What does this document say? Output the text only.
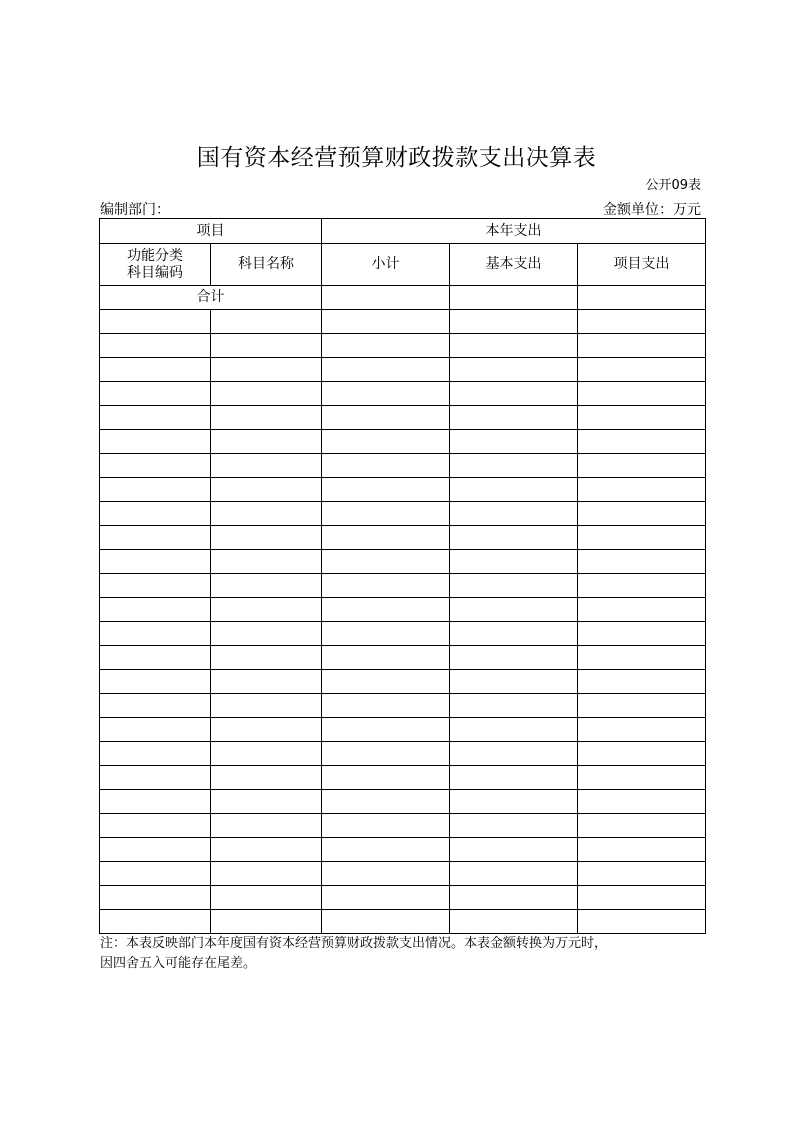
国有资本经营预算财政拨款支出决算表
公开09表
编制部门：	金额单位：万元
项目		本年支出		
功能分类
科目编码	科目名称	小计	基本支出	项目支出
合计				

注：本表反映部门本年度国有资本经营预算财政拨款支出情况。本表金额转换为万元时，
因四舍五入可能存在尾差。
